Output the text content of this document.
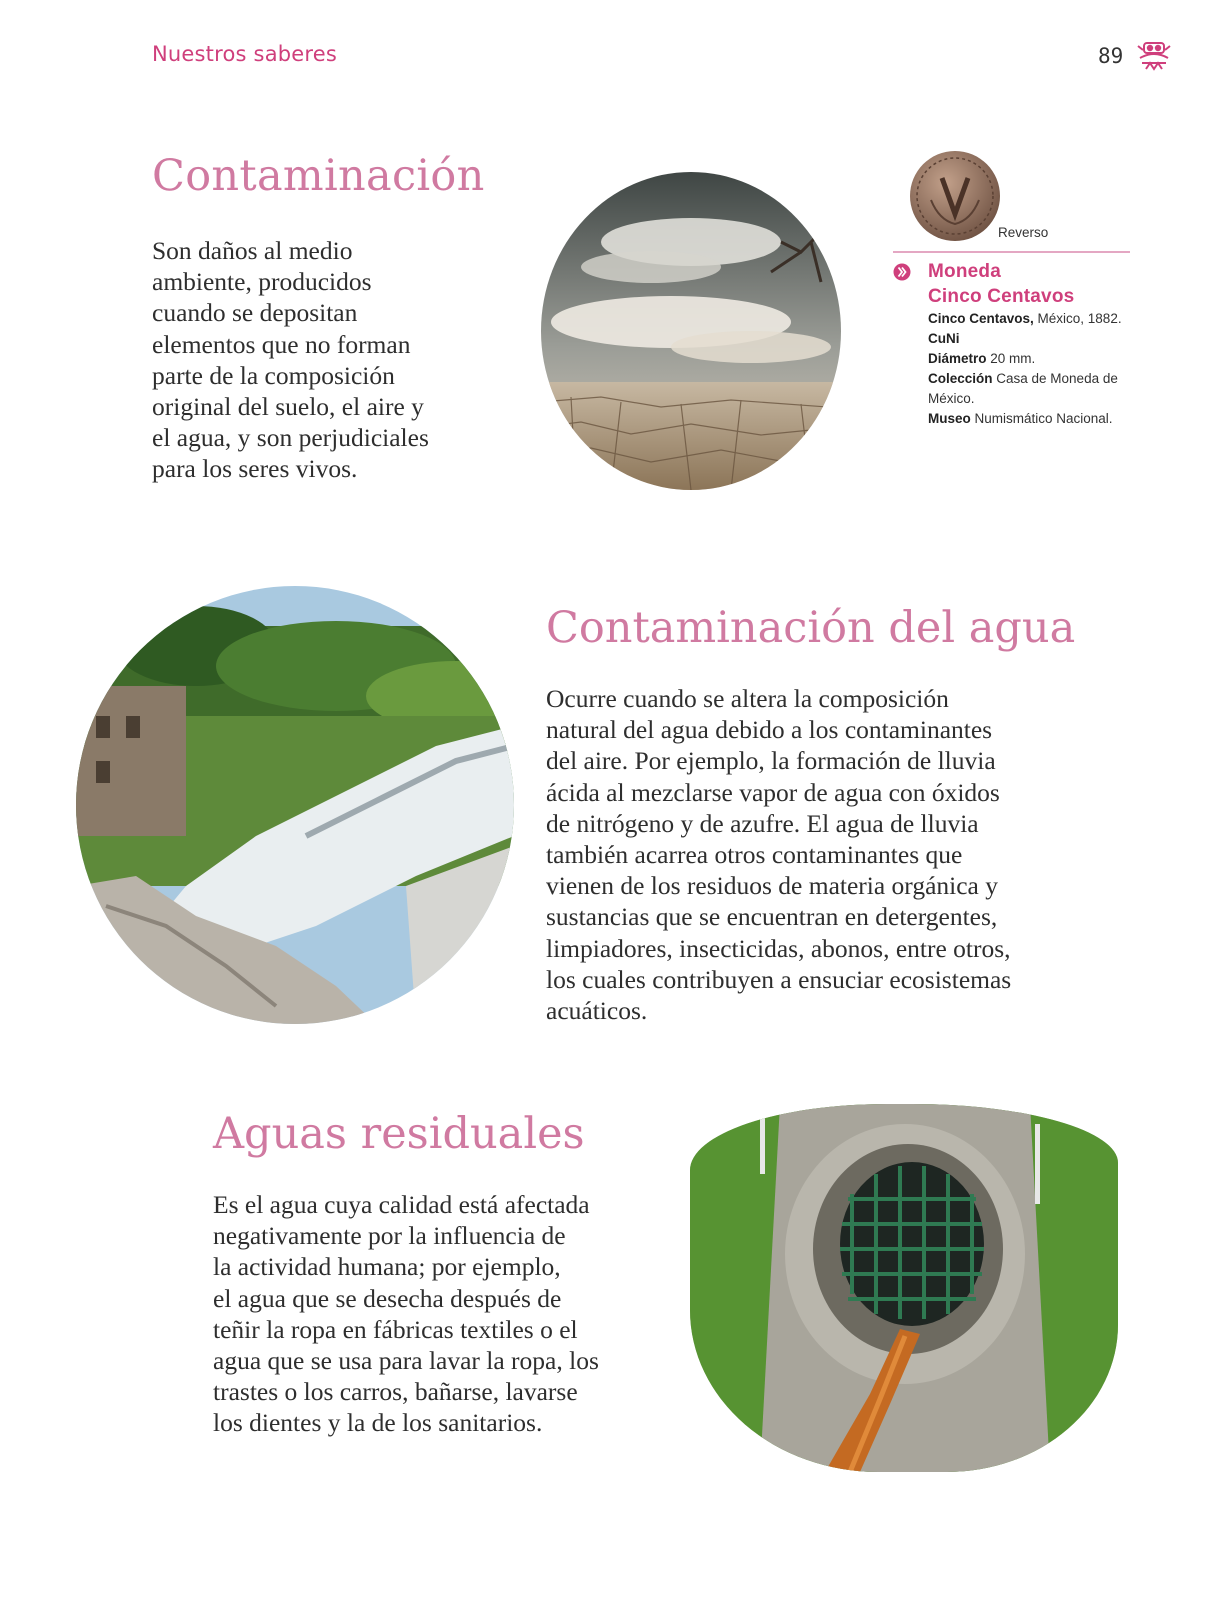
Nuestros saberes	89
Contaminación

Son daños al medio
ambiente, producidos
cuando se depositan
elementos que no forman
parte de la composición
original del suelo, el aire y
el agua, y son perjudiciales
para los seres vivos.

Reverso
Moneda
Cinco Centavos
Cinco Centavos, México, 1882.
CuNi
Diámetro 20 mm.
Colección Casa de Moneda de México.
Museo Numismático Nacional.
Contaminación del agua

Ocurre cuando se altera la composición
natural del agua debido a los contaminantes
del aire. Por ejemplo, la formación de lluvia
ácida al mezclarse vapor de agua con óxidos
de nitrógeno y de azufre. El agua de lluvia
también acarrea otros contaminantes que
vienen de los residuos de materia orgánica y
sustancias que se encuentran en detergentes,
limpiadores, insecticidas, abonos, entre otros,
los cuales contribuyen a ensuciar ecosistemas
acuáticos.

Aguas residuales

Es el agua cuya calidad está afectada
negativamente por la influencia de
la actividad humana; por ejemplo,
el agua que se desecha después de
teñir la ropa en fábricas textiles o el
agua que se usa para lavar la ropa, los
trastes o los carros, bañarse, lavarse
los dientes y la de los sanitarios.
